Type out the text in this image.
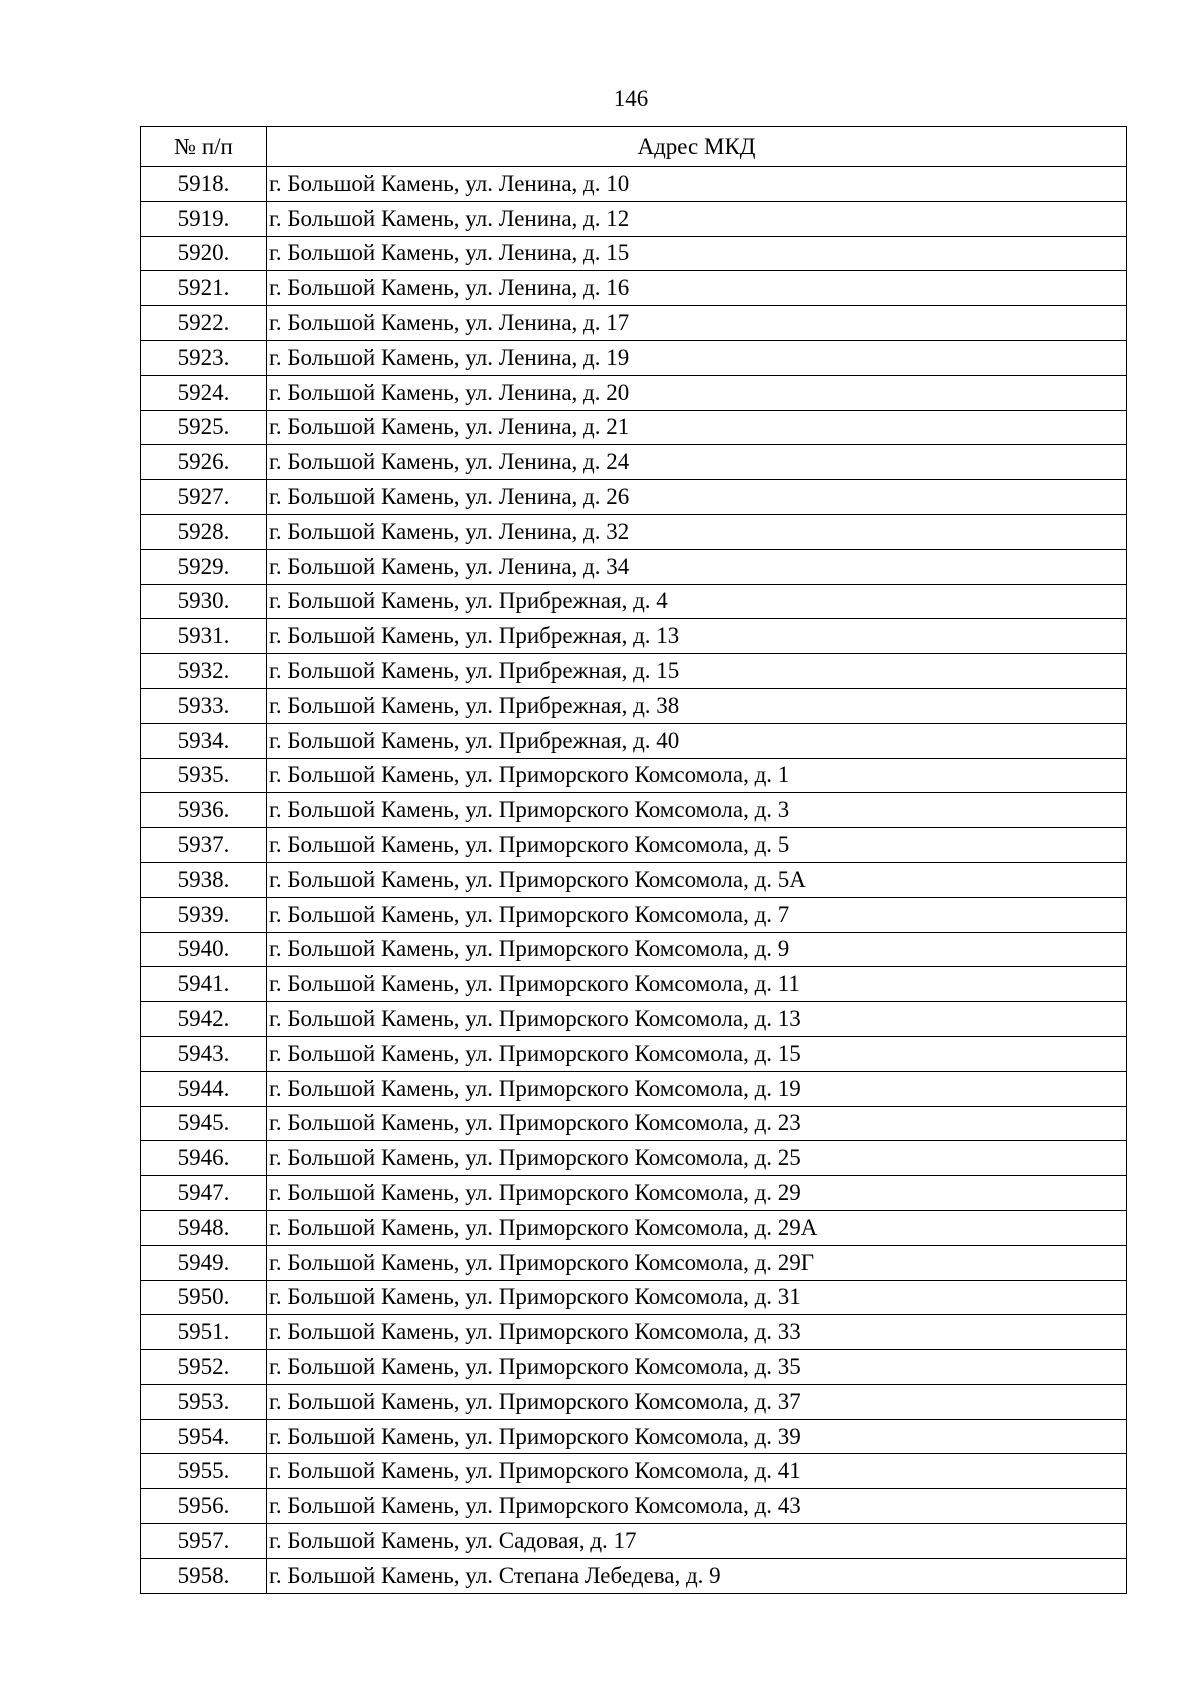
146
№ п/п	Адрес МКД
5918.	г. Большой Камень, ул. Ленина, д. 10
5919.	г. Большой Камень, ул. Ленина, д. 12
5920.	г. Большой Камень, ул. Ленина, д. 15
5921.	г. Большой Камень, ул. Ленина, д. 16
5922.	г. Большой Камень, ул. Ленина, д. 17
5923.	г. Большой Камень, ул. Ленина, д. 19
5924.	г. Большой Камень, ул. Ленина, д. 20
5925.	г. Большой Камень, ул. Ленина, д. 21
5926.	г. Большой Камень, ул. Ленина, д. 24
5927.	г. Большой Камень, ул. Ленина, д. 26
5928.	г. Большой Камень, ул. Ленина, д. 32
5929.	г. Большой Камень, ул. Ленина, д. 34
5930.	г. Большой Камень, ул. Прибрежная, д. 4
5931.	г. Большой Камень, ул. Прибрежная, д. 13
5932.	г. Большой Камень, ул. Прибрежная, д. 15
5933.	г. Большой Камень, ул. Прибрежная, д. 38
5934.	г. Большой Камень, ул. Прибрежная, д. 40
5935.	г. Большой Камень, ул. Приморского Комсомола, д. 1
5936.	г. Большой Камень, ул. Приморского Комсомола, д. 3
5937.	г. Большой Камень, ул. Приморского Комсомола, д. 5
5938.	г. Большой Камень, ул. Приморского Комсомола, д. 5А
5939.	г. Большой Камень, ул. Приморского Комсомола, д. 7
5940.	г. Большой Камень, ул. Приморского Комсомола, д. 9
5941.	г. Большой Камень, ул. Приморского Комсомола, д. 11
5942.	г. Большой Камень, ул. Приморского Комсомола, д. 13
5943.	г. Большой Камень, ул. Приморского Комсомола, д. 15
5944.	г. Большой Камень, ул. Приморского Комсомола, д. 19
5945.	г. Большой Камень, ул. Приморского Комсомола, д. 23
5946.	г. Большой Камень, ул. Приморского Комсомола, д. 25
5947.	г. Большой Камень, ул. Приморского Комсомола, д. 29
5948.	г. Большой Камень, ул. Приморского Комсомола, д. 29А
5949.	г. Большой Камень, ул. Приморского Комсомола, д. 29Г
5950.	г. Большой Камень, ул. Приморского Комсомола, д. 31
5951.	г. Большой Камень, ул. Приморского Комсомола, д. 33
5952.	г. Большой Камень, ул. Приморского Комсомола, д. 35
5953.	г. Большой Камень, ул. Приморского Комсомола, д. 37
5954.	г. Большой Камень, ул. Приморского Комсомола, д. 39
5955.	г. Большой Камень, ул. Приморского Комсомола, д. 41
5956.	г. Большой Камень, ул. Приморского Комсомола, д. 43
5957.	г. Большой Камень, ул. Садовая, д. 17
5958.	г. Большой Камень, ул. Степана Лебедева, д. 9
